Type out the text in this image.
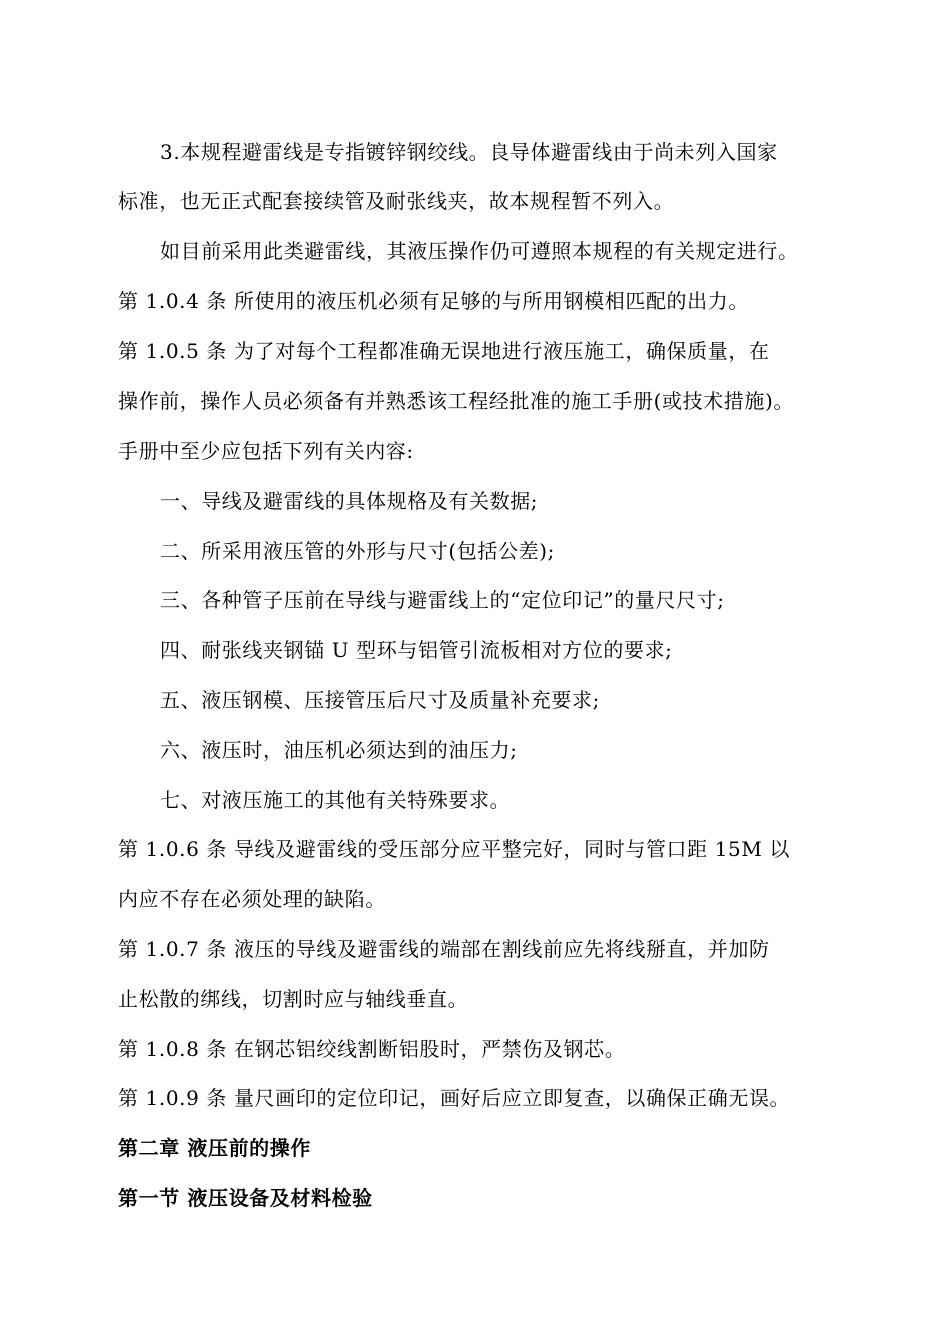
3.本规程避雷线是专指镀锌钢绞线。良导体避雷线由于尚未列入国家
标准，也无正式配套接续管及耐张线夹，故本规程暂不列入。
如目前采用此类避雷线，其液压操作仍可遵照本规程的有关规定进行。
第 1.0.4 条 所使用的液压机必须有足够的与所用钢模相匹配的出力。
第 1.0.5 条 为了对每个工程都准确无误地进行液压施工，确保质量，在
操作前，操作人员必须备有并熟悉该工程经批准的施工手册(或技术措施)。
手册中至少应包括下列有关内容:
一、导线及避雷线的具体规格及有关数据;
二、所采用液压管的外形与尺寸(包括公差);
三、各种管子压前在导线与避雷线上的“定位印记”的量尺尺寸;
四、耐张线夹钢锚 U 型环与铝管引流板相对方位的要求;
五、液压钢模、压接管压后尺寸及质量补充要求;
六、液压时，油压机必须达到的油压力;
七、对液压施工的其他有关特殊要求。
第 1.0.6 条 导线及避雷线的受压部分应平整完好，同时与管口距 15M 以
内应不存在必须处理的缺陷。
第 1.0.7 条 液压的导线及避雷线的端部在割线前应先将线掰直，并加防
止松散的绑线，切割时应与轴线垂直。
第 1.0.8 条 在钢芯铝绞线割断铝股时，严禁伤及钢芯。
第 1.0.9 条 量尺画印的定位印记，画好后应立即复查，以确保正确无误。
第二章 液压前的操作
第一节 液压设备及材料检验
